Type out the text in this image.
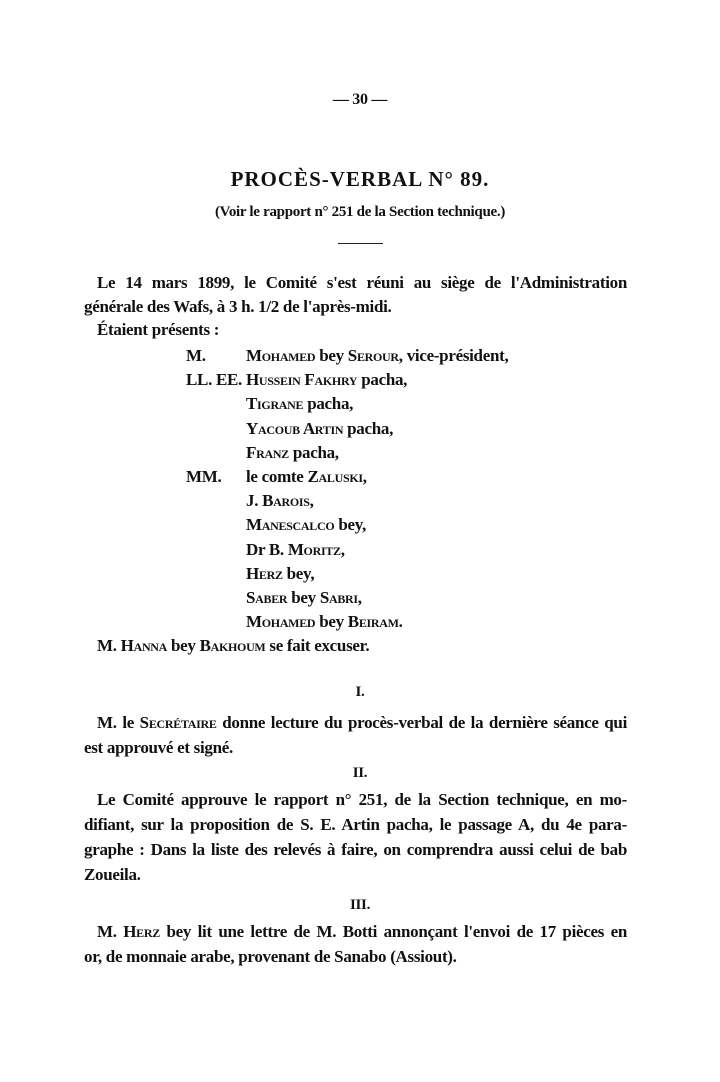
— 30 —
PROCÈS-VERBAL N° 89.
(Voir le rapport n° 251 de la Section technique.)
Le 14 mars 1899, le Comité s'est réuni au siège de l'Administration
générale des Wafs, à 3 h. 1/2 de l'après-midi.
Étaient présents :
M. Mohamed bey Serour, vice-président,
LL. EE. Hussein Fakhry pacha,
Tigrane pacha,
Yacoub Artin pacha,
Franz pacha,
MM. le comte Zaluski,
J. Barois,
Manescalco bey,
Dr B. Moritz,
Herz bey,
Saber bey Sabri,
Mohamed bey Beiram.
M. Hanna bey Bakhoum se fait excuser.
I.
M. le Secrétaire donne lecture du procès-verbal de la dernière séance qui
est approuvé et signé.
II.
Le Comité approuve le rapport n° 251, de la Section technique, en mo-
difiant, sur la proposition de S. E. Artin pacha, le passage A, du 4e para-
graphe : Dans la liste des relevés à faire, on comprendra aussi celui de bab
Zoueila.
III.
M. Herz bey lit une lettre de M. Botti annonçant l'envoi de 17 pièces en
or, de monnaie arabe, provenant de Sanabo (Assiout).
